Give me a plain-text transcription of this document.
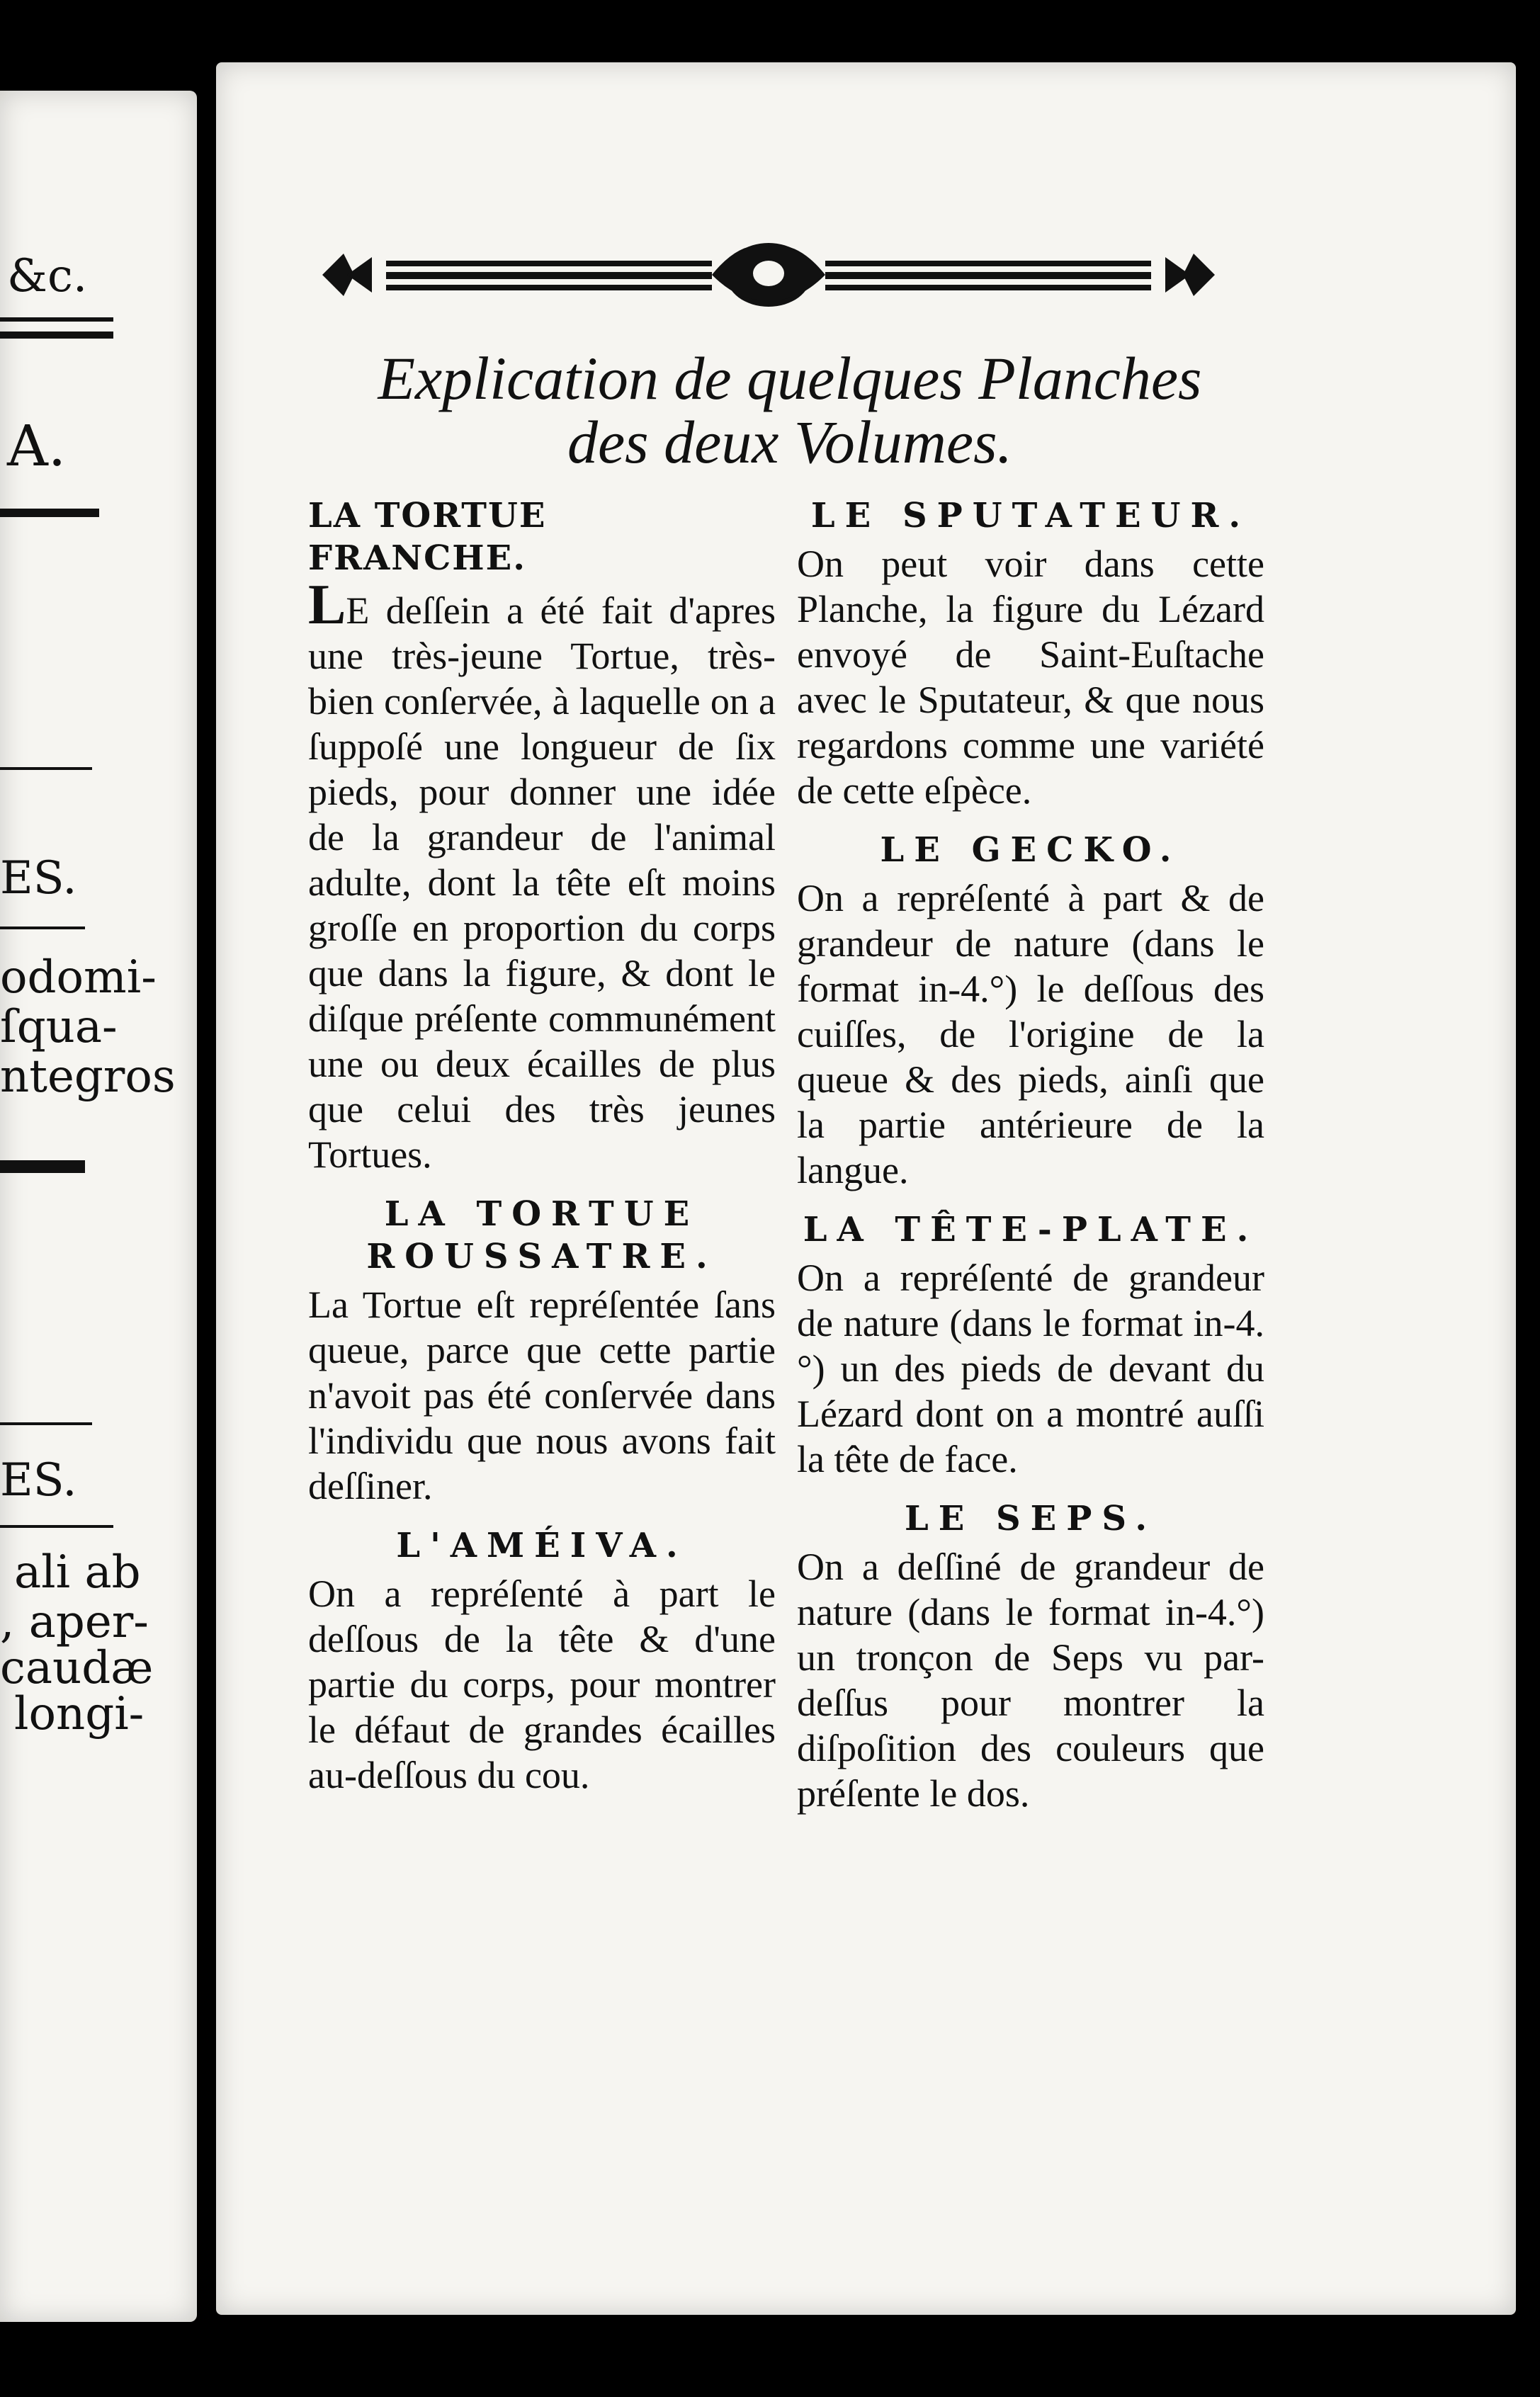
&c.
A.
ES.
odomi-
ſqua-
ntegros
ES.
ali ab
, aper-
caudæ
longi-
Explication de quelques Planches
des deux Volumes.
LA TORTUE FRANCHE.

LE deſſein a été fait d'apres une très-jeune Tortue, très-bien conſervée, à laquelle on a ſuppoſé une longueur de ſix pieds, pour donner une idée de la grandeur de l'animal adulte, dont la tête eſt moins groſſe en proportion du corps que dans la figure, & dont le diſque préſente communément une ou deux écailles de plus que celui des très jeunes Tortues.

LA TORTUE ROUSSATRE.

La Tortue eſt repréſentée ſans queue, parce que cette partie n'avoit pas été conſervée dans l'individu que nous avons fait deſſiner.

L'AMÉIVA.

On a repréſenté à part le deſſous de la tête & d'une partie du corps, pour montrer le défaut de grandes écailles au-deſſous du cou.

LE SPUTATEUR.

On peut voir dans cette Planche, la figure du Lézard envoyé de Saint-Euſtache avec le Sputateur, & que nous regardons comme une variété de cette eſpèce.

LE GECKO.

On a repréſenté à part & de grandeur de nature (dans le format in-4.°) le deſſous des cuiſſes, de l'origine de la queue & des pieds, ainſi que la partie antérieure de la langue.

LA TÊTE-PLATE.

On a repréſenté de grandeur de nature (dans le format in-4.°) un des pieds de devant du Lézard dont on a montré auſſi la tête de face.

LE SEPS.

On a deſſiné de grandeur de nature (dans le format in-4.°) un tronçon de Seps vu par-deſſus pour montrer la diſpoſition des couleurs que préſente le dos.
